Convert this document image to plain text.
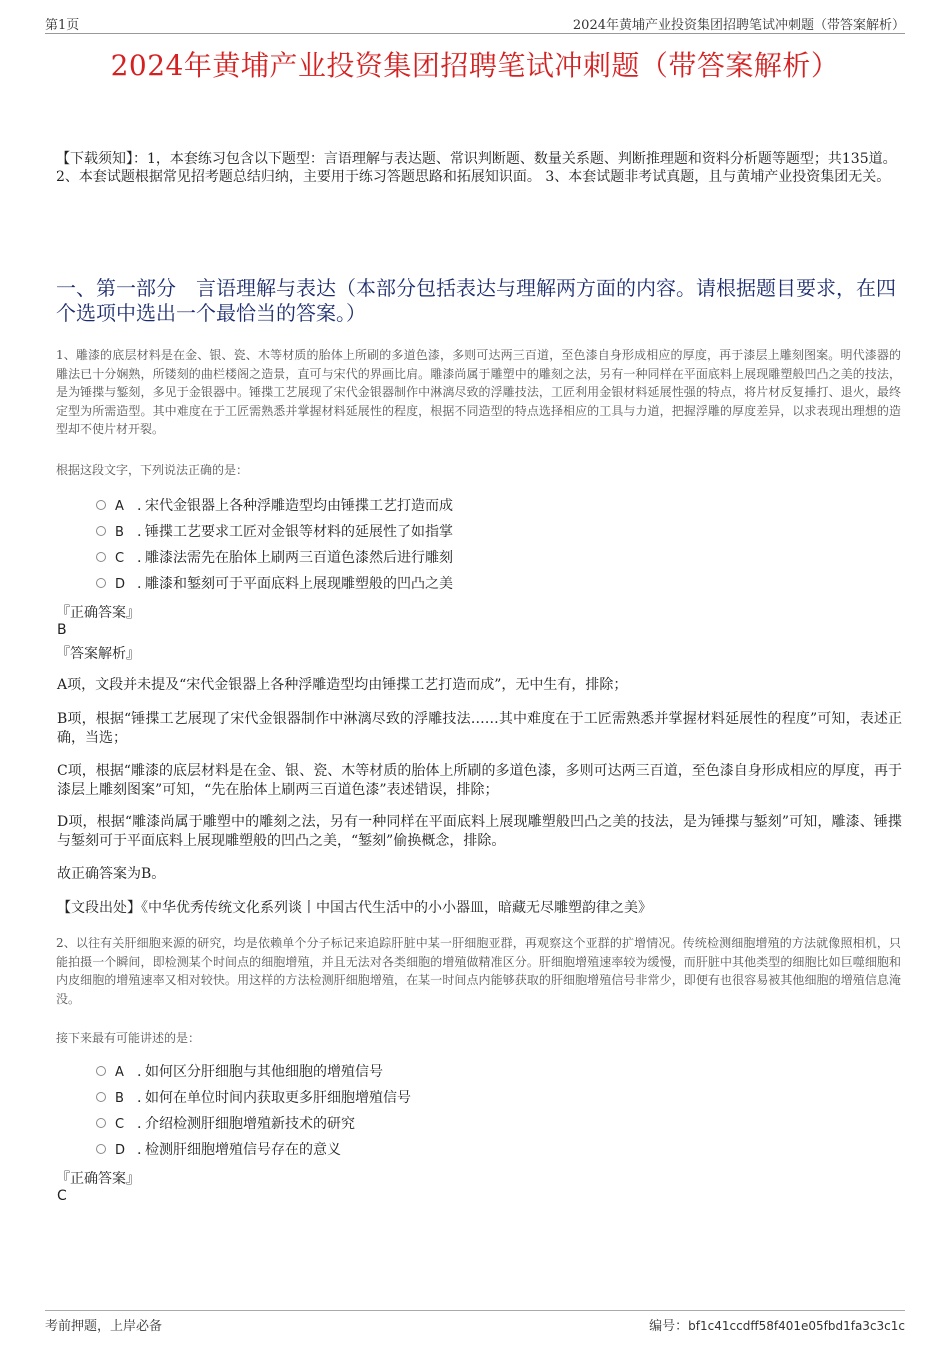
第1页	2024年黄埔产业投资集团招聘笔试冲刺题（带答案解析）
2024年黄埔产业投资集团招聘笔试冲刺题（带答案解析）
【下载须知】：1，本套练习包含以下题型：言语理解与表达题、常识判断题、数量关系题、判断推理题和资料分析题等题型；共135道。 2、本套试题根据常见招考题总结归纳，主要用于练习答题思路和拓展知识面。 3、本套试题非考试真题，且与黄埔产业投资集团无关。
一、第一部分　言语理解与表达（本部分包括表达与理解两方面的内容。请根据题目要求，在四个选项中选出一个最恰当的答案。）
1、雕漆的底层材料是在金、银、瓷、木等材质的胎体上所刷的多道色漆，多则可达两三百道，至色漆自身形成相应的厚度，再于漆层上雕刻图案。明代漆器的雕法已十分娴熟，所镂刻的曲栏楼阁之造景，直可与宋代的界画比肩。雕漆尚属于雕塑中的雕刻之法，另有一种同样在平面底料上展现雕塑般凹凸之美的技法，是为锤揲与錾刻，多见于金银器中。锤揲工艺展现了宋代金银器制作中淋漓尽致的浮雕技法，工匠利用金银材料延展性强的特点，将片材反复捶打、退火，最终定型为所需造型。其中难度在于工匠需熟悉并掌握材料延展性的程度，根据不同造型的特点选择相应的工具与力道，把握浮雕的厚度差异，以求表现出理想的造型却不使片材开裂。
根据这段文字，下列说法正确的是：
A . 宋代金银器上各种浮雕造型均由锤揲工艺打造而成
B . 锤揲工艺要求工匠对金银等材料的延展性了如指掌
C . 雕漆法需先在胎体上刷两三百道色漆然后进行雕刻
D . 雕漆和錾刻可于平面底料上展现雕塑般的凹凸之美
『正确答案』
B
『答案解析』
A项，文段并未提及“宋代金银器上各种浮雕造型均由锤揲工艺打造而成”，无中生有，排除；
B项，根据“锤揲工艺展现了宋代金银器制作中淋漓尽致的浮雕技法……其中难度在于工匠需熟悉并掌握材料延展性的程度”可知，表述正确，当选；
C项，根据“雕漆的底层材料是在金、银、瓷、木等材质的胎体上所刷的多道色漆，多则可达两三百道，至色漆自身形成相应的厚度，再于漆层上雕刻图案”可知，“先在胎体上刷两三百道色漆”表述错误，排除；
D项，根据“雕漆尚属于雕塑中的雕刻之法，另有一种同样在平面底料上展现雕塑般凹凸之美的技法，是为锤揲与錾刻”可知，雕漆、锤揲与錾刻可于平面底料上展现雕塑般的凹凸之美，“錾刻”偷换概念，排除。
故正确答案为B。
【文段出处】《中华优秀传统文化系列谈丨中国古代生活中的小小器皿，暗藏无尽雕塑韵律之美》
2、以往有关肝细胞来源的研究，均是依赖单个分子标记来追踪肝脏中某一肝细胞亚群，再观察这个亚群的扩增情况。传统检测细胞增殖的方法就像照相机，只能拍摄一个瞬间，即检测某个时间点的细胞增殖，并且无法对各类细胞的增殖做精准区分。肝细胞增殖速率较为缓慢，而肝脏中其他类型的细胞比如巨噬细胞和内皮细胞的增殖速率又相对较快。用这样的方法检测肝细胞增殖，在某一时间点内能够获取的肝细胞增殖信号非常少，即便有也很容易被其他细胞的增殖信息淹没。
接下来最有可能讲述的是：
A . 如何区分肝细胞与其他细胞的增殖信号
B . 如何在单位时间内获取更多肝细胞增殖信号
C . 介绍检测肝细胞增殖新技术的研究
D . 检测肝细胞增殖信号存在的意义
『正确答案』
C
考前押题，上岸必备	编号：bf1c41ccdff58f401e05fbd1fa3c3c1c
